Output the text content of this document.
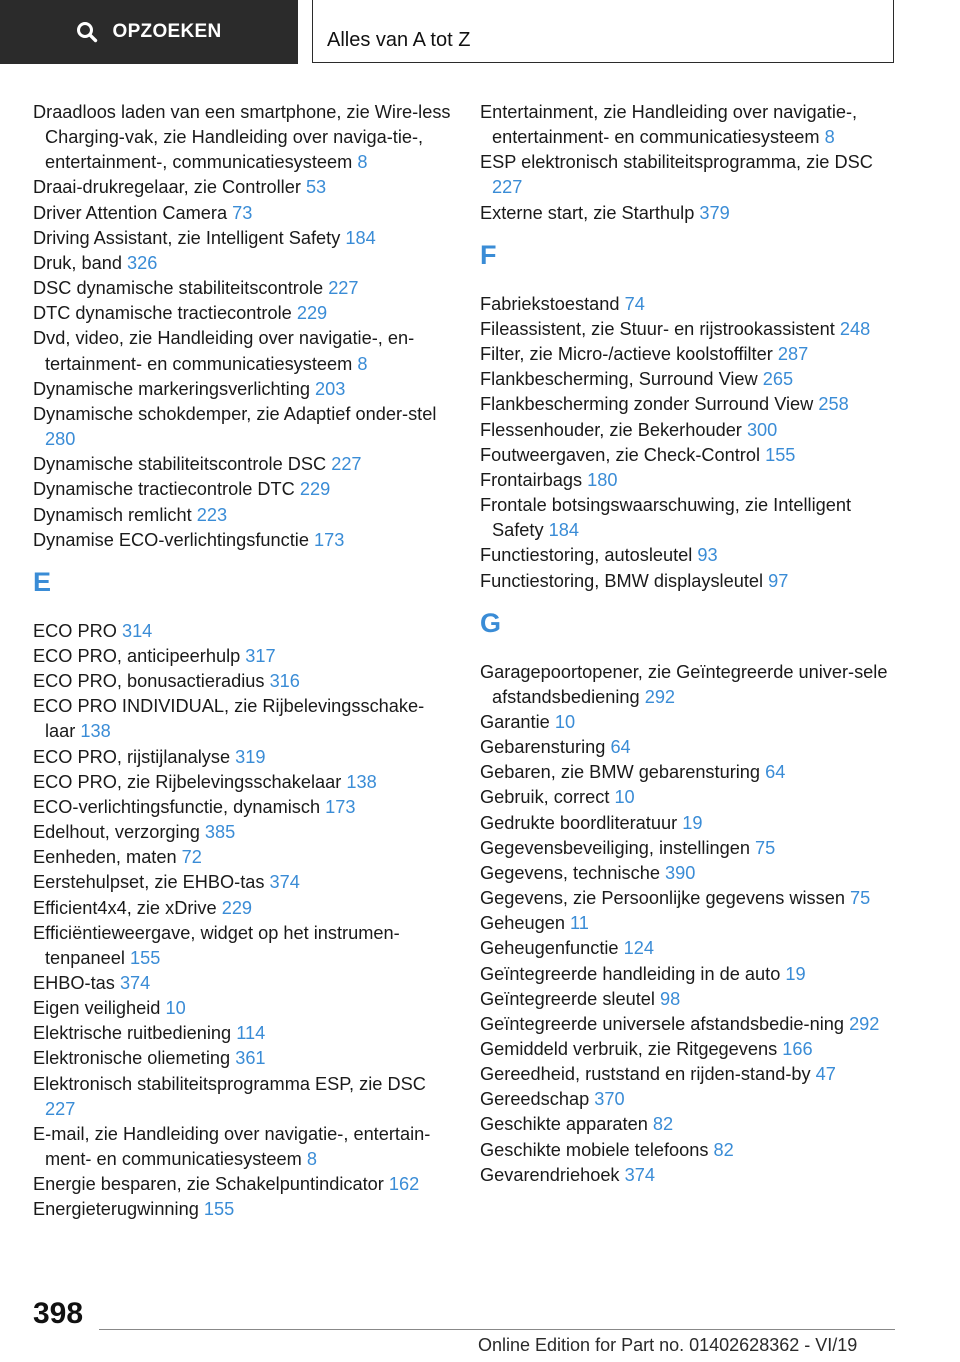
OPZOEKEN	Alles van A tot Z
Draadloos laden van een smartphone, zie Wire-less Charging-vak, zie Handleiding over naviga-tie-, entertainment-, communicatiesysteem 8
Draai-drukregelaar, zie Controller 53
Driver Attention Camera 73
Driving Assistant, zie Intelligent Safety 184
Druk, band 326
DSC dynamische stabiliteitscontrole 227
DTC dynamische tractiecontrole 229
Dvd, video, zie Handleiding over navigatie-, en-tertainment- en communicatiesysteem 8
Dynamische markeringsverlichting 203
Dynamische schokdemper, zie Adaptief onder-stel 280
Dynamische stabiliteitscontrole DSC 227
Dynamische tractiecontrole DTC 229
Dynamisch remlicht 223
Dynamise ECO-verlichtingsfunctie 173
E
ECO PRO 314
ECO PRO, anticipeerhulp 317
ECO PRO, bonusactieradius 316
ECO PRO INDIVIDUAL, zie Rijbelevingsschake-laar 138
ECO PRO, rijstijlanalyse 319
ECO PRO, zie Rijbelevingsschakelaar 138
ECO-verlichtingsfunctie, dynamisch 173
Edelhout, verzorging 385
Eenheden, maten 72
Eerstehulpset, zie EHBO-tas 374
Efficient4x4, zie xDrive 229
Efficiëntieweergave, widget op het instrumen-tenpaneel 155
EHBO-tas 374
Eigen veiligheid 10
Elektrische ruitbediening 114
Elektronische oliemeting 361
Elektronisch stabiliteitsprogramma ESP, zie DSC 227
E-mail, zie Handleiding over navigatie-, entertain-ment- en communicatiesysteem 8
Energie besparen, zie Schakelpuntindicator 162
Energieterugwinning 155
Entertainment, zie Handleiding over navigatie-, entertainment- en communicatiesysteem 8
ESP elektronisch stabiliteitsprogramma, zie DSC 227
Externe start, zie Starthulp 379
F
Fabriekstoestand 74
Fileassistent, zie Stuur- en rijstrookassistent 248
Filter, zie Micro-/actieve koolstoffilter 287
Flankbescherming, Surround View 265
Flankbescherming zonder Surround View 258
Flessenhouder, zie Bekerhouder 300
Foutweergaven, zie Check-Control 155
Frontairbags 180
Frontale botsingswaarschuwing, zie Intelligent Safety 184
Functiestoring, autosleutel 93
Functiestoring, BMW displaysleutel 97
G
Garagepoortopener, zie Geïntegreerde univer-sele afstandsbediening 292
Garantie 10
Gebarensturing 64
Gebaren, zie BMW gebarensturing 64
Gebruik, correct 10
Gedrukte boordliteratuur 19
Gegevensbeveiliging, instellingen 75
Gegevens, technische 390
Gegevens, zie Persoonlijke gegevens wissen 75
Geheugen 11
Geheugenfunctie 124
Geïntegreerde handleiding in de auto 19
Geïntegreerde sleutel 98
Geïntegreerde universele afstandsbedie-ning 292
Gemiddeld verbruik, zie Ritgegevens 166
Gereedheid, ruststand en rijden-stand-by 47
Gereedschap 370
Geschikte apparaten 82
Geschikte mobiele telefoons 82
Gevarendriehoek 374
398
Online Edition for Part no. 01402628362 - VI/19
